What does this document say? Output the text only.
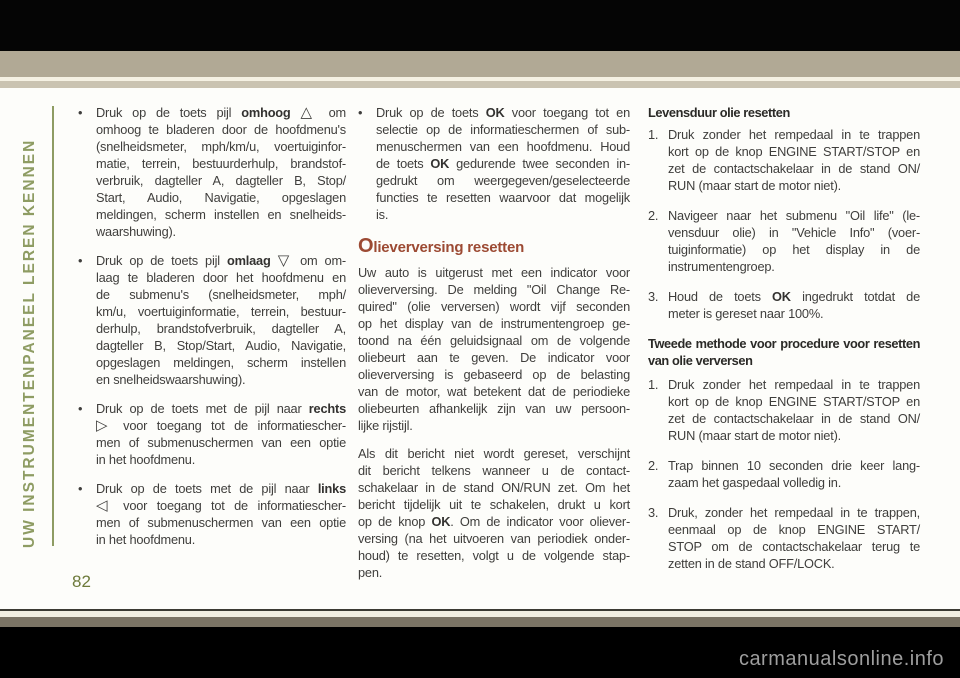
UW INSTRUMENTENPANEEL LEREN KENNEN
82
•	Druk op de toets pijl omhoog △ om
omhoog te bladeren door de hoofdmenu's
(snelheidsmeter, mph/km/u, voertuiginfor-
matie, terrein, bestuurderhulp, brandstof-
verbruik, dagteller A, dagteller B, Stop/
Start, Audio, Navigatie, opgeslagen
meldingen, scherm instellen en snelheids-
waarshuwing).
•	Druk op de toets pijl omlaag ▽ om om-
laag te bladeren door het hoofdmenu en
de submenu's (snelheidsmeter, mph/
km/u, voertuiginformatie, terrein, bestuur-
derhulp, brandstofverbruik, dagteller A,
dagteller B, Stop/Start, Audio, Navigatie,
opgeslagen meldingen, scherm instellen
en snelheidswaarshuwing).
•	Druk op de toets met de pijl naar rechts
▷ voor toegang tot de informatiescher-
men of submenuschermen van een optie
in het hoofdmenu.
•	Druk op de toets met de pijl naar links
◁ voor toegang tot de informatiescher-
men of submenuschermen van een optie
in het hoofdmenu.
•	Druk op de toets OK voor toegang tot en
selectie op de informatieschermen of sub-
menuschermen van een hoofdmenu. Houd
de toets OK gedurende twee seconden in-
gedrukt om weergegeven/geselecteerde
functies te resetten waarvoor dat mogelijk
is.
Olieverversing resetten
Uw auto is uitgerust met een indicator voor
olieverversing. De melding "Oil Change Re-
quired" (olie verversen) wordt vijf seconden
op het display van de instrumentengroep ge-
toond na één geluidsignaal om de volgende
oliebeurt aan te geven. De indicator voor
olieverversing is gebaseerd op de belasting
van de motor, wat betekent dat de periodieke
oliebeurten afhankelijk zijn van uw persoon-
lijke rijstijl.
Als dit bericht niet wordt gereset, verschijnt
dit bericht telkens wanneer u de contact-
schakelaar in de stand ON/RUN zet. Om het
bericht tijdelijk uit te schakelen, drukt u kort
op de knop OK. Om de indicator voor oliever-
versing (na het uitvoeren van periodiek onder-
houd) te resetten, volgt u de volgende stap-
pen.
Levensduur olie resetten
1. Druk zonder het rempedaal in te trappen
kort op de knop ENGINE START/STOP en
zet de contactschakelaar in de stand ON/
RUN (maar start de motor niet).
2. Navigeer naar het submenu "Oil life" (le-
vensduur olie) in "Vehicle Info" (voer-
tuiginformatie) op het display in de
instrumentengroep.
3. Houd de toets OK ingedrukt totdat de
meter is gereset naar 100%.
Tweede methode voor procedure voor resetten
van olie verversen
1. Druk zonder het rempedaal in te trappen
kort op de knop ENGINE START/STOP en
zet de contactschakelaar in de stand ON/
RUN (maar start de motor niet).
2. Trap binnen 10 seconden drie keer lang-
zaam het gaspedaal volledig in.
3. Druk, zonder het rempedaal in te trappen,
eenmaal op de knop ENGINE START/
STOP om de contactschakelaar terug te
zetten in de stand OFF/LOCK.
carmanualsonline.info
